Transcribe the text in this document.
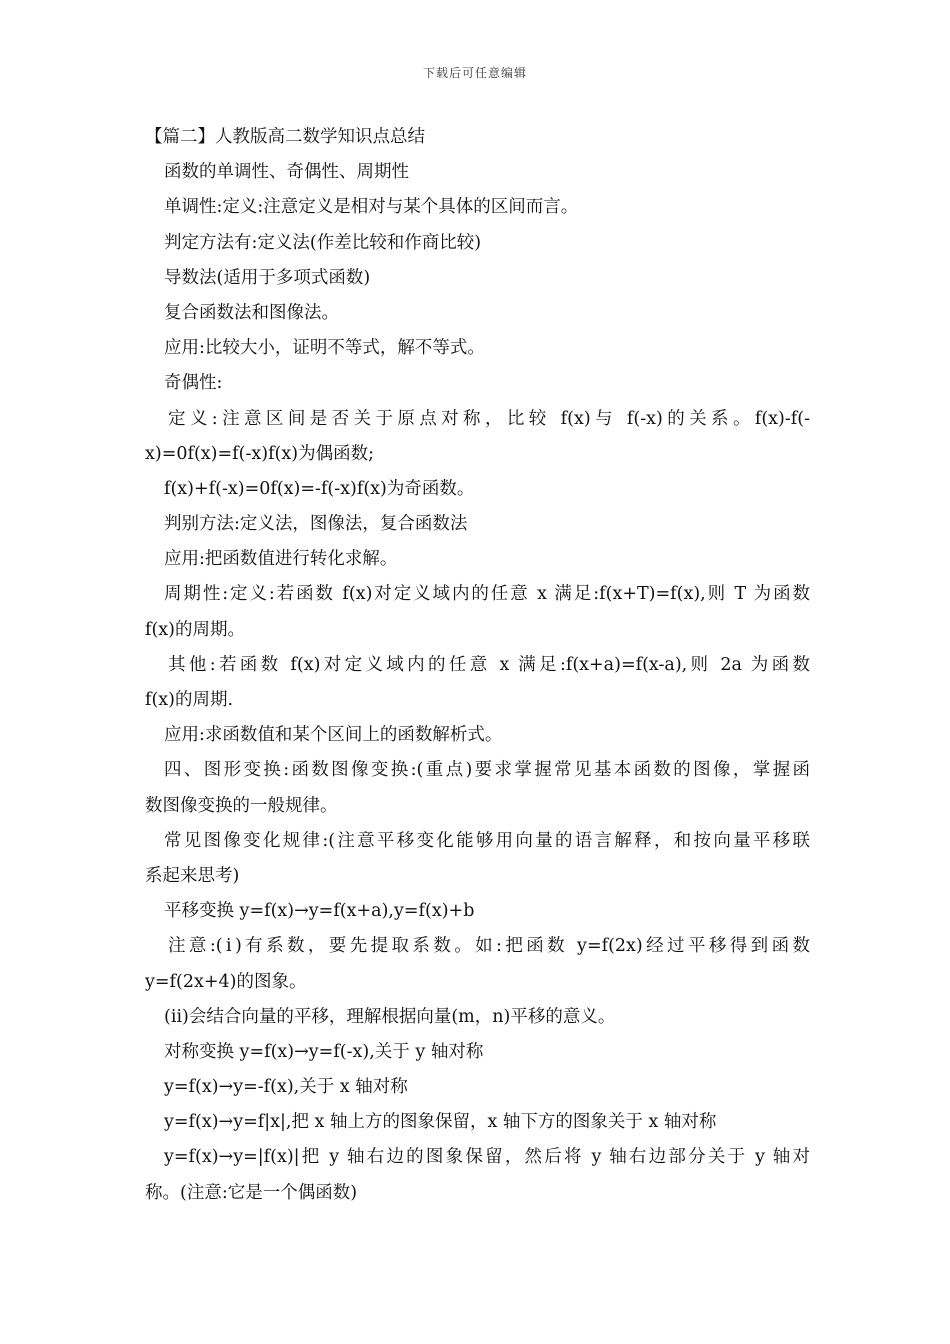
下载后可任意编辑
【篇二】人教版高二数学知识点总结
函数的单调性、奇偶性、周期性
单调性:定义:注意定义是相对与某个具体的区间而言。
判定方法有:定义法(作差比较和作商比较)
导数法(适用于多项式函数)
复合函数法和图像法。
应用:比较大小，证明不等式，解不等式。
奇偶性:
定义:注意区间是否关于原点对称，比较 f(x)与 f(-x)的关系。f(x)-f(-
x)=0f(x)=f(-x)f(x)为偶函数;
f(x)+f(-x)=0f(x)=-f(-x)f(x)为奇函数。
判别方法:定义法，图像法，复合函数法
应用:把函数值进行转化求解。
周期性:定义:若函数 f(x)对定义域内的任意 x 满足:f(x+T)=f(x),则 T 为函数
f(x)的周期。
其他:若函数 f(x)对定义域内的任意 x 满足:f(x+a)=f(x-a),则 2a 为函数
f(x)的周期.
应用:求函数值和某个区间上的函数解析式。
四、图形变换:函数图像变换:(重点)要求掌握常见基本函数的图像，掌握函
数图像变换的一般规律。
常见图像变化规律:(注意平移变化能够用向量的语言解释，和按向量平移联
系起来思考)
平移变换 y=f(x)→y=f(x+a),y=f(x)+b
注意:(ⅰ)有系数，要先提取系数。如:把函数 y=f(2x)经过平移得到函数
y=f(2x+4)的图象。
(ⅱ)会结合向量的平移，理解根据向量(m，n)平移的意义。
对称变换 y=f(x)→y=f(-x),关于 y 轴对称
y=f(x)→y=-f(x),关于 x 轴对称
y=f(x)→y=f|x|,把 x 轴上方的图象保留，x 轴下方的图象关于 x 轴对称
y=f(x)→y=|f(x)|把 y 轴右边的图象保留，然后将 y 轴右边部分关于 y 轴对
称。(注意:它是一个偶函数)
